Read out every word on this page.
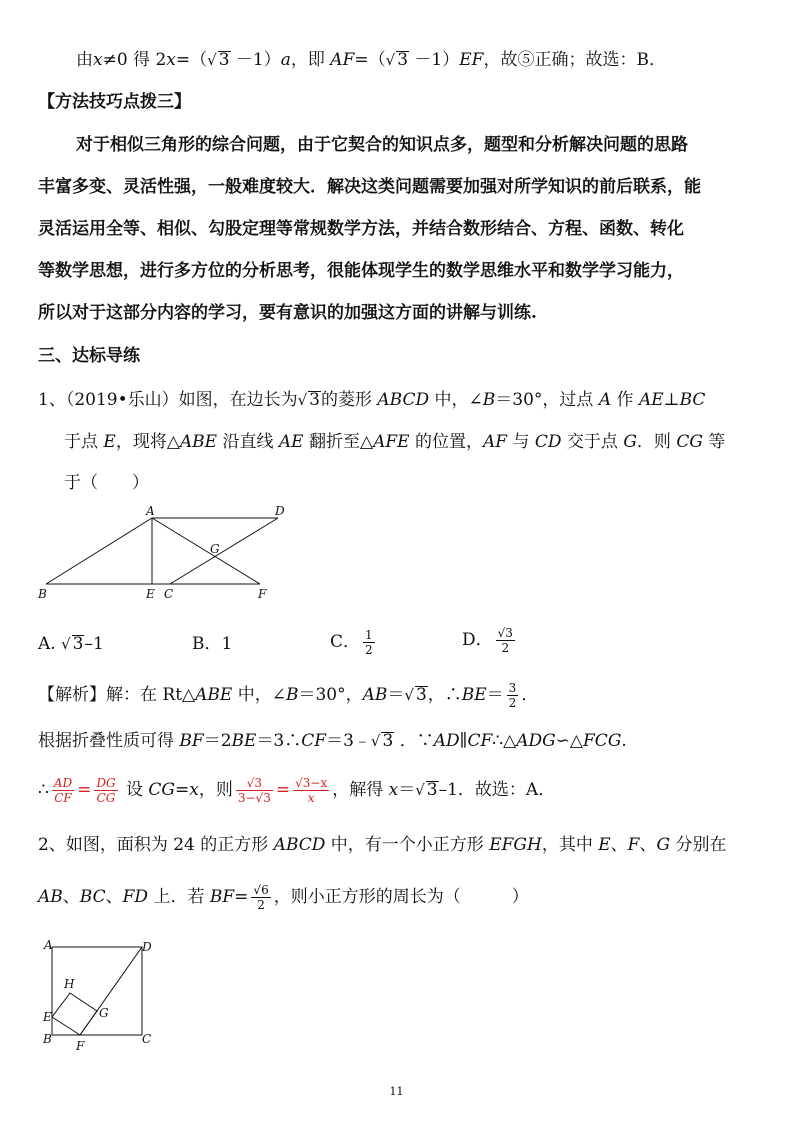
由x≠0 得 2x=（√ 3 －1）a，即 AF=（√ 3 －1）EF，故⑤正确；故选：B．
【方法技巧点拨三】
对于相似三角形的综合问题，由于它契合的知识点多，题型和分析解决问题的思路
丰富多变、灵活性强，一般难度较大．解决这类问题需要加强对所学知识的前后联系，能
灵活运用全等、相似、勾股定理等常规数学方法，并结合数形结合、方程、函数、转化
等数学思想，进行多方位的分析思考，很能体现学生的数学思维水平和数学学习能力，
所以对于这部分内容的学习，要有意识的加强这方面的讲解与训练.
三、达标导练
1、（2019•乐山）如图，在边长为√ 3的菱形 ABCD 中，∠B＝30°，过点 A 作 AE⊥BC
于点 E，现将△ABE 沿直线 AE 翻折至△AFE 的位置，AF 与 CD 交于点 G．则 CG 等
于（　　）
A	D
G
B	E C	F
A. √ 3–1	B．1	C． $\frac{1}{2}$	D． $\frac{√3}{2}$
【解析】解：在 Rt△ABE 中，∠B＝30°，AB＝√ 3，∴BE＝ $\frac{3}{2}$ ．
根据折叠性质可得 BF＝2BE＝3∴CF＝3﹣√ 3 ．∵AD∥CF∴△ADG∽△FCG.
∴ $\frac{AD}{CF} = \frac{DG}{CG}$ 设 CG=x，则 $\frac{√3}{3-√3} = \frac{√3-x}{x}$ ，解得 x＝√ 3–1．故选：A．
2、如图，面积为 24 的正方形 ABCD 中，有一个小正方形 EFGH，其中 E、F、G 分别在
AB、BC、FD 上．若 $BF= \frac{√6}{2}$ ，则小正方形的周长为（　　　）
A	D
H
E	G
B F	C
11
